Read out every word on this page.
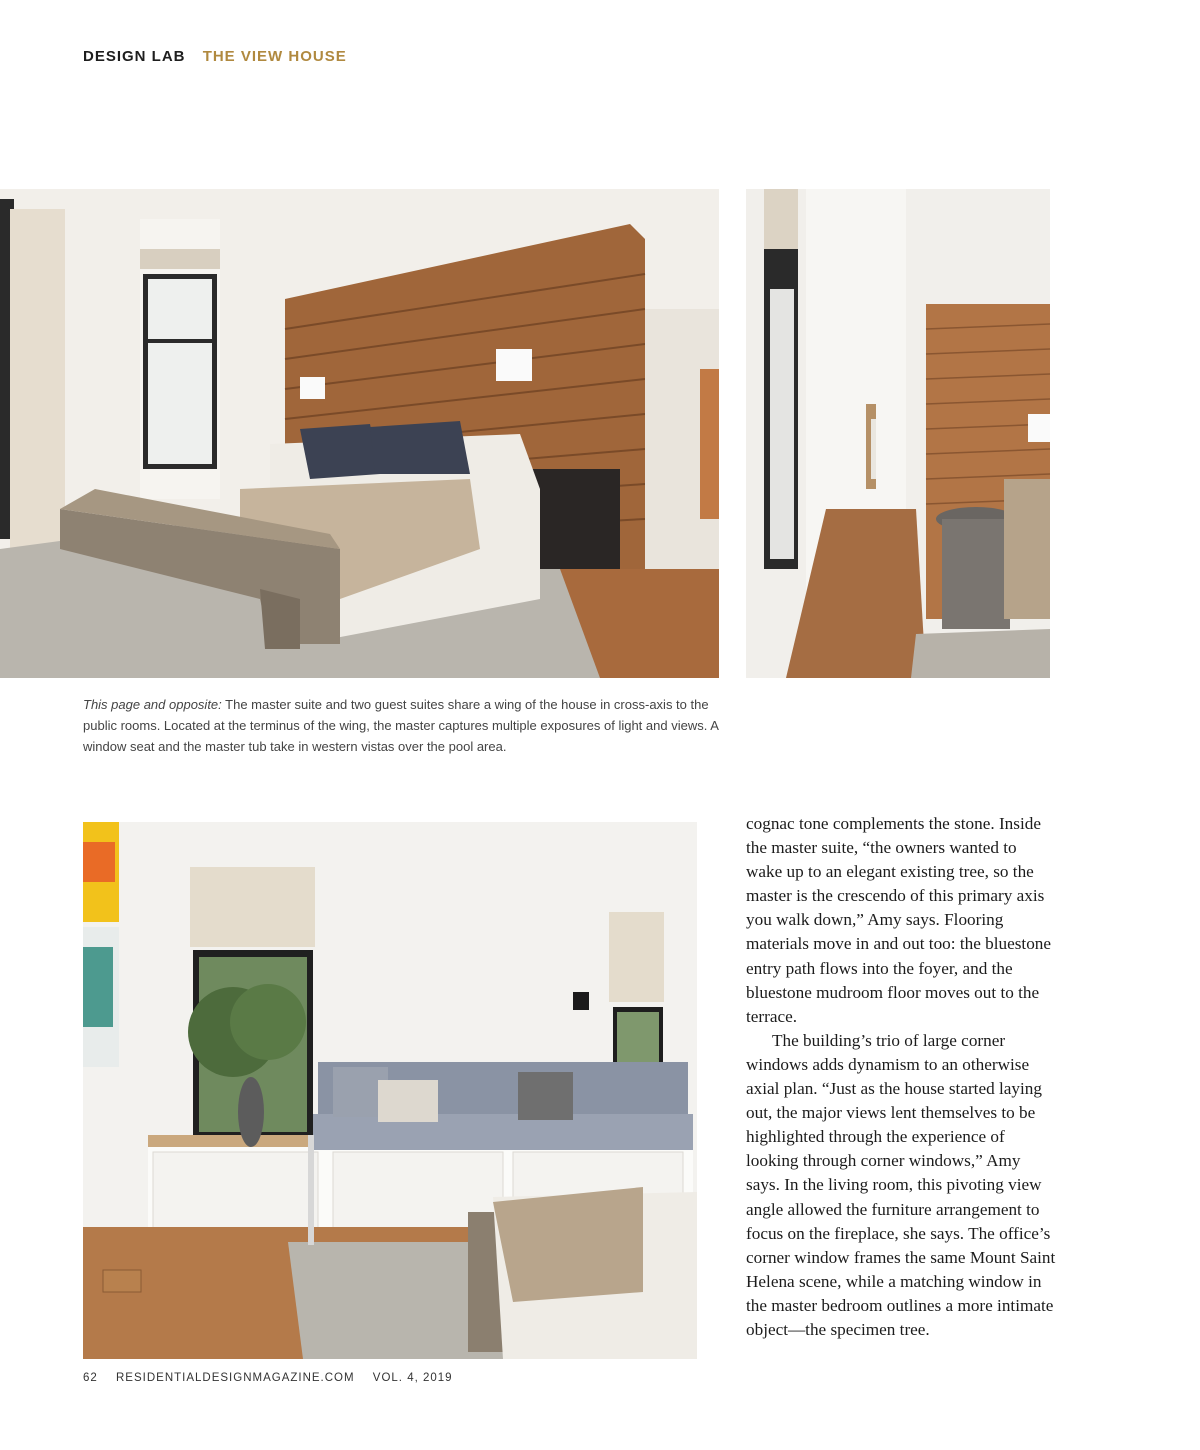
DESIGN LAB THE VIEW HOUSE
This page and opposite: The master suite and two guest suites share a wing of the house in cross-axis to the public rooms. Located at the terminus of the wing, the master captures multiple exposures of light and views. A window seat and the master tub take in western vistas over the pool area.

cognac tone complements the stone. Inside the master suite, “the owners wanted to wake up to an elegant existing tree, so the master is the crescendo of this primary axis you walk down,” Amy says. Flooring materials move in and out too: the bluestone entry path flows into the foyer, and the bluestone mudroom floor moves out to the terrace.

The building’s trio of large corner windows adds dynamism to an otherwise axial plan. “Just as the house started laying out, the major views lent themselves to be highlighted through the experience of looking through corner windows,” Amy says. In the living room, this pivoting view angle allowed the furniture arrangement to focus on the fireplace, she says. The office’s corner window frames the same Mount Saint Helena scene, while a matching window in the master bedroom outlines a more intimate object—the specimen tree.

62 RESIDENTIALDESIGNMAGAZINE.COM VOL. 4, 2019
